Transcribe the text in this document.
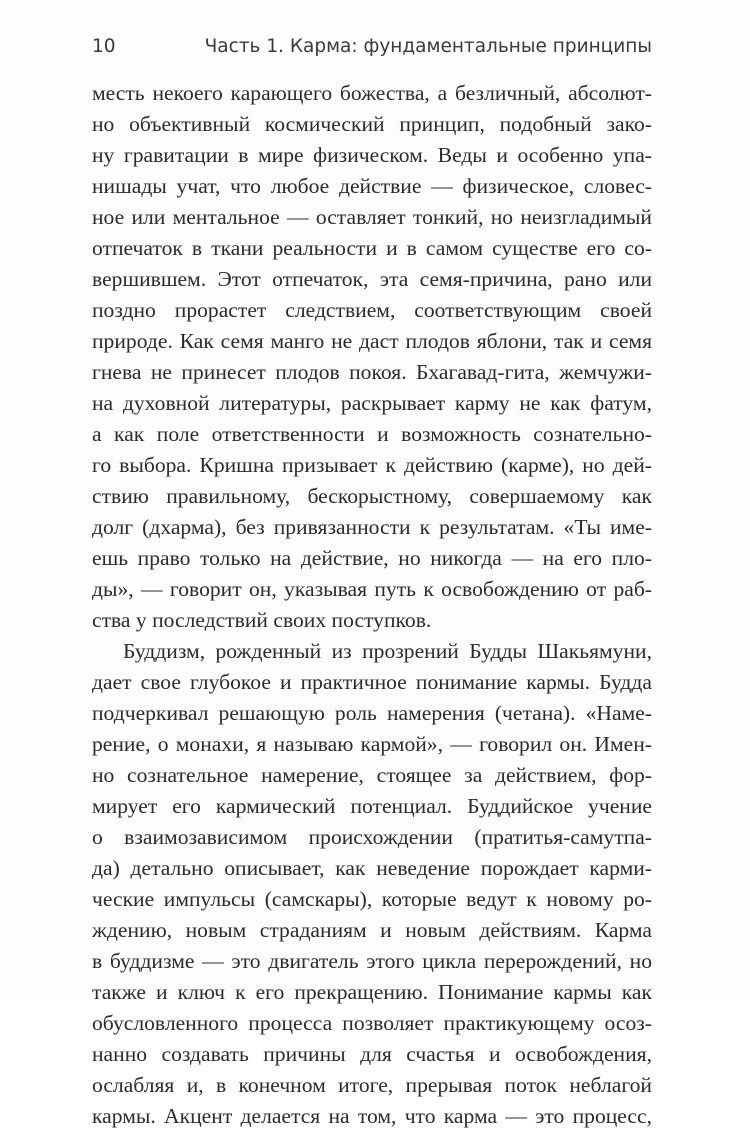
10	Часть 1. Карма: фундаментальные принципы
месть некоего карающего божества, а безличный, абсолют-
но объективный космический принцип, подобный зако-
ну гравитации в мире физическом. Веды и особенно упа-
нишады учат, что любое действие — физическое, словес-
ное или ментальное — оставляет тонкий, но неизгладимый
отпечаток в ткани реальности и в самом существе его со-
вершившем. Этот отпечаток, эта семя-причина, рано или
поздно прорастет следствием, соответствующим своей
природе. Как семя манго не даст плодов яблони, так и семя
гнева не принесет плодов покоя. Бхагавад-гита, жемчужи-
на духовной литературы, раскрывает карму не как фатум,
а как поле ответственности и возможность сознательно-
го выбора. Кришна призывает к действию (карме), но дей-
ствию правильному, бескорыстному, совершаемому как
долг (дхарма), без привязанности к результатам. «Ты име-
ешь право только на действие, но никогда — на его пло-
ды», — говорит он, указывая путь к освобождению от раб-
ства у последствий своих поступков.
Буддизм, рожденный из прозрений Будды Шакьямуни,
дает свое глубокое и практичное понимание кармы. Будда
подчеркивал решающую роль намерения (четана). «Наме-
рение, о монахи, я называю кармой», — говорил он. Имен-
но сознательное намерение, стоящее за действием, фор-
мирует его кармический потенциал. Буддийское учение
о взаимозависимом происхождении (пратитья-самутпа-
да) детально описывает, как неведение порождает карми-
ческие импульсы (самскары), которые ведут к новому ро-
ждению, новым страданиям и новым действиям. Карма
в буддизме — это двигатель этого цикла перерождений, но
также и ключ к его прекращению. Понимание кармы как
обусловленного процесса позволяет практикующему осоз-
нанно создавать причины для счастья и освобождения,
ослабляя и, в конечном итоге, прерывая поток неблагой
кармы. Акцент делается на том, что карма — это процесс,
